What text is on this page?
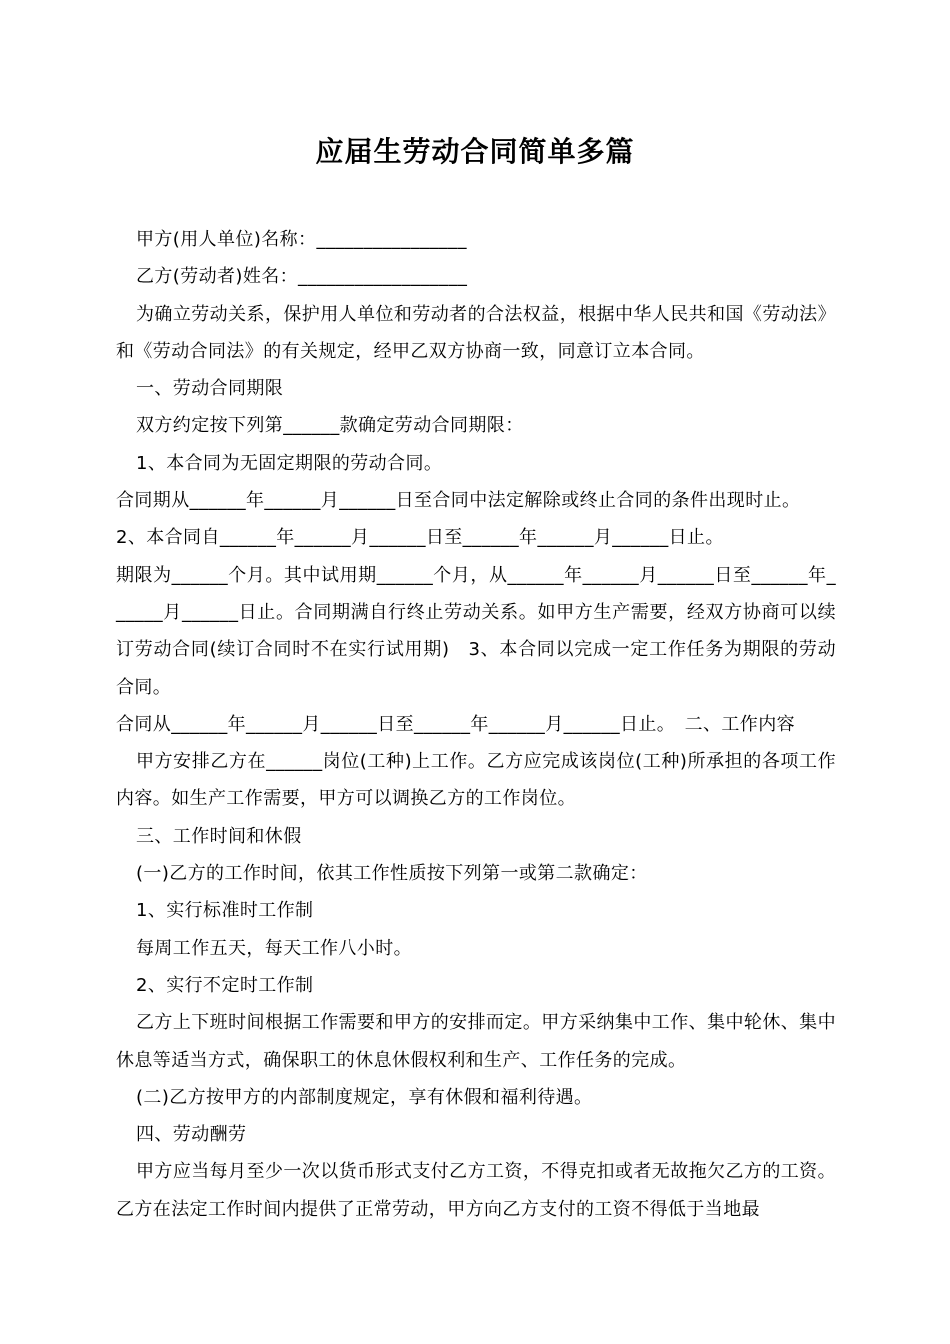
应届生劳动合同简单多篇

甲方(用人单位)名称：________________

乙方(劳动者)姓名：__________________

为确立劳动关系，保护用人单位和劳动者的合法权益，根据中华人民共和国《劳动法》和《劳动合同法》的有关规定，经甲乙双方协商一致，同意订立本合同。

一、劳动合同期限

双方约定按下列第______款确定劳动合同期限：

1、本合同为无固定期限的劳动合同。

合同期从______年______月______日至合同中法定解除或终止合同的条件出现时止。

2、本合同自______年______月______日至______年______月______日止。

期限为______个月。其中试用期______个月，从______年______月______日至______年______月______日止。合同期满自行终止劳动关系。如甲方生产需要，经双方协商可以续订劳动合同(续订合同时不在实行试用期)　3、本合同以完成一定工作任务为期限的劳动合同。

合同从______年______月______日至______年______月______日止。　二、工作内容

甲方安排乙方在______岗位(工种)上工作。乙方应完成该岗位(工种)所承担的各项工作内容。如生产工作需要，甲方可以调换乙方的工作岗位。

三、工作时间和休假

(一)乙方的工作时间，依其工作性质按下列第一或第二款确定：

1、实行标准时工作制

每周工作五天，每天工作八小时。

2、实行不定时工作制

乙方上下班时间根据工作需要和甲方的安排而定。甲方采纳集中工作、集中轮休、集中休息等适当方式，确保职工的休息休假权利和生产、工作任务的完成。

(二)乙方按甲方的内部制度规定，享有休假和福利待遇。

四、劳动酬劳

甲方应当每月至少一次以货币形式支付乙方工资，不得克扣或者无故拖欠乙方的工资。乙方在法定工作时间内提供了正常劳动，甲方向乙方支付的工资不得低于当地最
